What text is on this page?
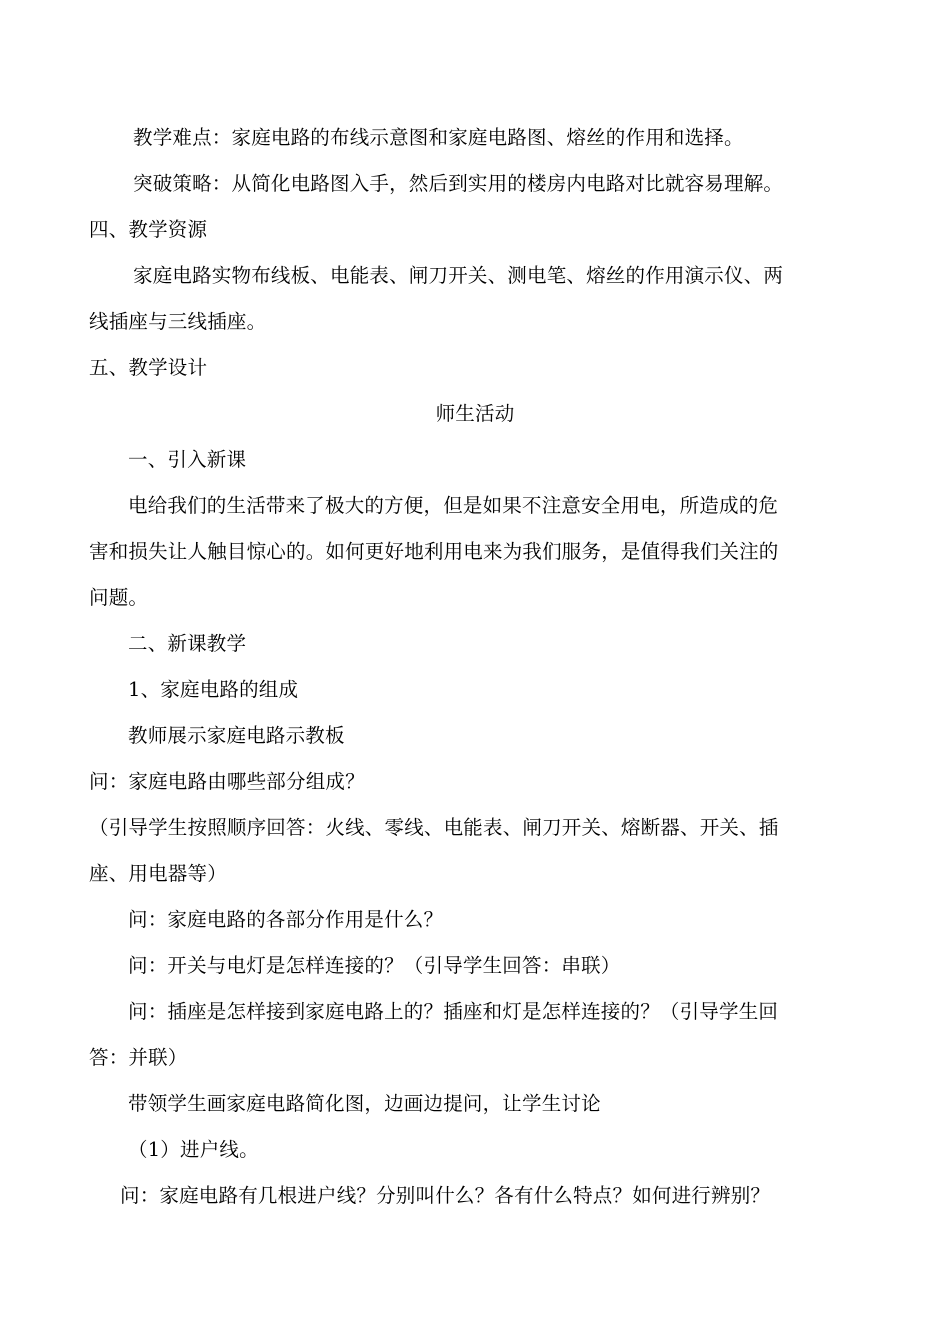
教学难点：家庭电路的布线示意图和家庭电路图、熔丝的作用和选择。
突破策略：从简化电路图入手，然后到实用的楼房内电路对比就容易理解。
四、教学资源
家庭电路实物布线板、电能表、闸刀开关、测电笔、熔丝的作用演示仪、两
线插座与三线插座。
五、教学设计
师生活动
一、引入新课
电给我们的生活带来了极大的方便，但是如果不注意安全用电，所造成的危
害和损失让人触目惊心的。如何更好地利用电来为我们服务，是值得我们关注的
问题。
二、新课教学
1、家庭电路的组成
教师展示家庭电路示教板
问：家庭电路由哪些部分组成？
（引导学生按照顺序回答：火线、零线、电能表、闸刀开关、熔断器、开关、插
座、用电器等）
问：家庭电路的各部分作用是什么？
问：开关与电灯是怎样连接的？（引导学生回答：串联）
问：插座是怎样接到家庭电路上的？插座和灯是怎样连接的？（引导学生回
答：并联）
带领学生画家庭电路简化图，边画边提问，让学生讨论
（1）进户线。
问：家庭电路有几根进户线？分别叫什么？各有什么特点？如何进行辨别？
